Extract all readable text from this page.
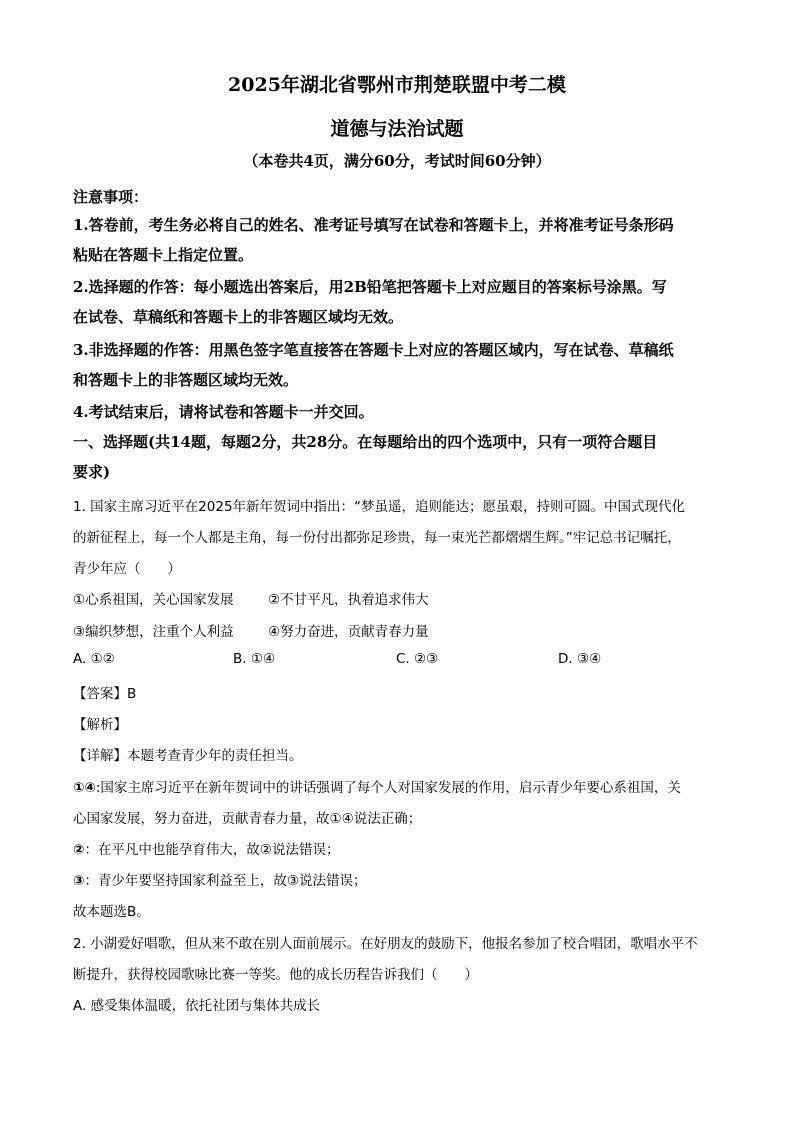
2025年湖北省鄂州市荆楚联盟中考二模
道德与法治试题
（本卷共4页，满分60分，考试时间60分钟）
注意事项：
1.答卷前，考生务必将自己的姓名、准考证号填写在试卷和答题卡上，并将准考证号条形码
粘贴在答题卡上指定位置。
2.选择题的作答：每小题选出答案后，用2B铅笔把答题卡上对应题目的答案标号涂黑。写
在试卷、草稿纸和答题卡上的非答题区域均无效。
3.非选择题的作答：用黑色签字笔直接答在答题卡上对应的答题区域内，写在试卷、草稿纸
和答题卡上的非答题区域均无效。
4.考试结束后，请将试卷和答题卡一并交回。
一、选择题(共14题，每题2分，共28分。在每题给出的四个选项中，只有一项符合题目
要求)
1. 国家主席习近平在2025年新年贺词中指出：“梦虽遥，追则能达；愿虽艰，持则可圆。中国式现代化
的新征程上，每一个人都是主角，每一份付出都弥足珍贵，每一束光芒都熠熠生辉。”牢记总书记嘱托，
青少年应（　　）
①心系祖国，关心国家发展	②不甘平凡，执着追求伟大
③编织梦想，注重个人利益	④努力奋进，贡献青春力量
A. ①②	B. ①④	C. ②③	D. ③④
【答案】B
【解析】
【详解】本题考查青少年的责任担当。
①④:国家主席习近平在新年贺词中的讲话强调了每个人对国家发展的作用，启示青少年要心系祖国，关
心国家发展，努力奋进，贡献青春力量，故①④说法正确；
②：在平凡中也能孕育伟大，故②说法错误；
③：青少年要坚持国家利益至上，故③说法错误；
故本题选B。
2. 小湖爱好唱歌，但从来不敢在别人面前展示。在好朋友的鼓励下，他报名参加了校合唱团，歌唱水平不
断提升，获得校园歌咏比赛一等奖。他的成长历程告诉我们（　　）
A. 感受集体温暖，依托社团与集体共成长
